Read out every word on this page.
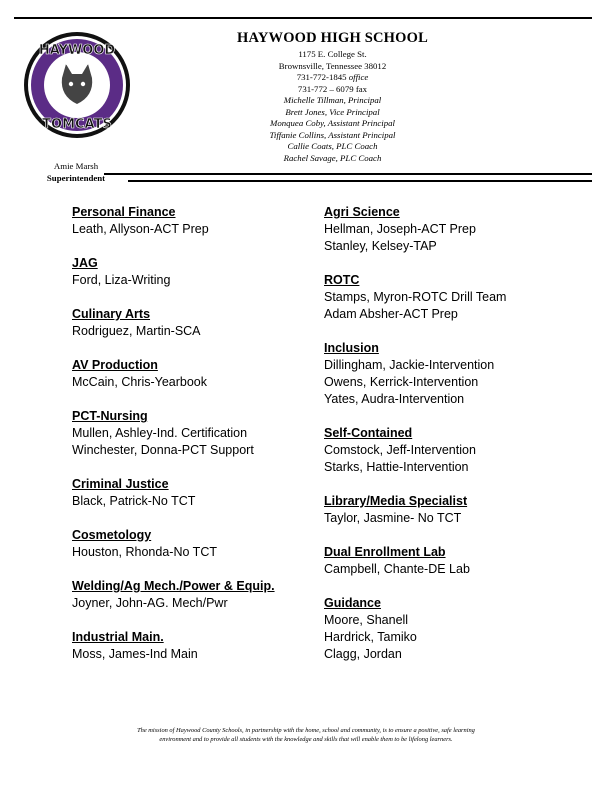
HAYWOOD
TOMCATS
BROWNSVILLE
TENNESSEE
HAYWOOD HIGH SCHOOL
1175 E. College St.
Brownsville, Tennessee 38012
731-772-1845 office
731-772 – 6079 fax
Michelle Tillman, Principal
Brett Jones, Vice Principal
Monquea Coby, Assistant Principal
Tiffanie Collins, Assistant Principal
Callie Coats, PLC Coach
Rachel Savage, PLC Coach
Amie Marsh
Superintendent
Personal Finance
Leath, Allyson-ACT Prep
JAG
Ford, Liza-Writing
Culinary Arts
Rodriguez, Martin-SCA
AV Production
McCain, Chris-Yearbook
PCT-Nursing
Mullen, Ashley-Ind. Certification
Winchester, Donna-PCT Support
Criminal Justice
Black, Patrick-No TCT
Cosmetology
Houston, Rhonda-No TCT
Welding/Ag Mech./Power & Equip.
Joyner, John-AG. Mech/Pwr
Industrial Main.
Moss, James-Ind Main
Agri Science
Hellman, Joseph-ACT Prep
Stanley, Kelsey-TAP
ROTC
Stamps, Myron-ROTC Drill Team
Adam Absher-ACT Prep
Inclusion
Dillingham, Jackie-Intervention
Owens, Kerrick-Intervention
Yates, Audra-Intervention
Self-Contained
Comstock, Jeff-Intervention
Starks, Hattie-Intervention
Library/Media Specialist
Taylor, Jasmine- No TCT
Dual Enrollment Lab
Campbell, Chante-DE Lab
Guidance
Moore, Shanell
Hardrick, Tamiko
Clagg, Jordan
The mission of Haywood County Schools, in partnership with the home, school and community, is to ensure a positive, safe learning
environment and to provide all students with the knowledge and skills that will enable them to be lifelong learners.
